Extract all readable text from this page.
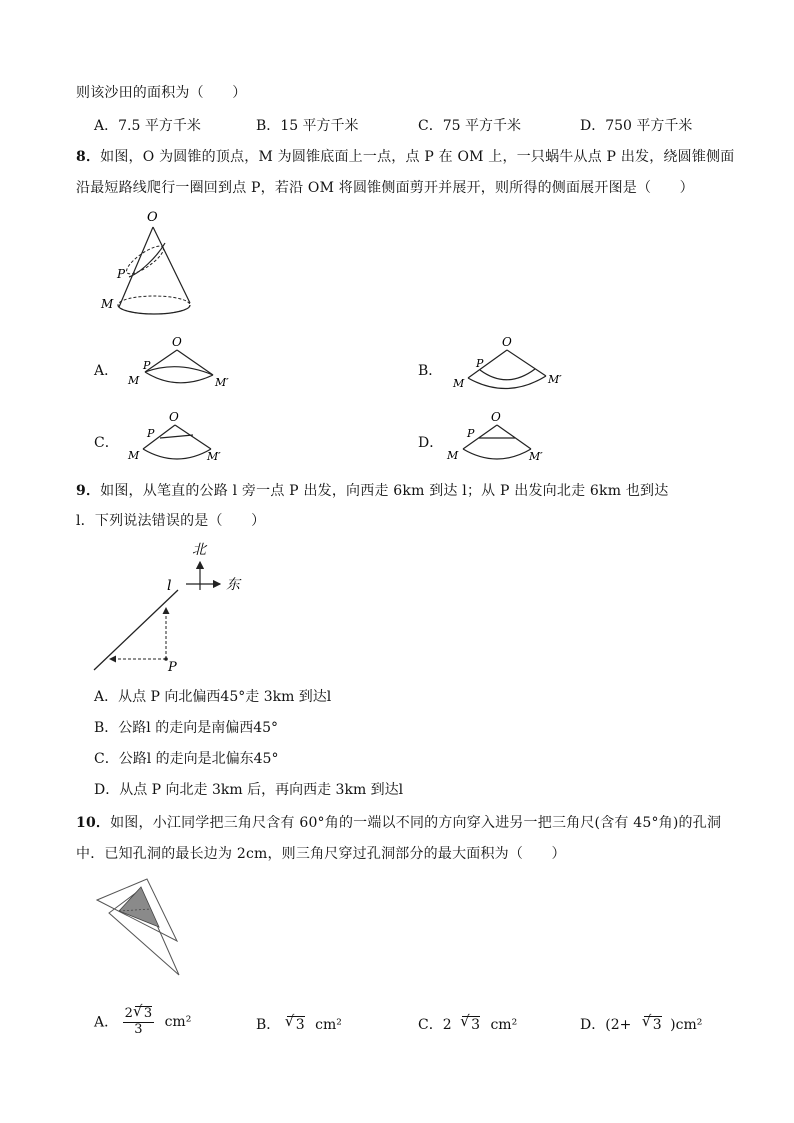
则该沙田的面积为（　　）
A．7.5 平方千米	B．15 平方千米	C．75 平方千米	D．750 平方千米
8．如图，O 为圆锥的顶点，M 为圆锥底面上一点，点 P 在 OM 上，一只蜗牛从点 P 出发，绕圆锥侧面
沿最短路线爬行一圈回到点 P，若沿 OM 将圆锥侧面剪开并展开，则所得的侧面展开图是（　　）
O
P
M
A．
O
P
M	M′
B．
O
P
M	M′
C．
O
P
M	M′
D．
O
P
M	M′
9．如图，从笔直的公路 l 旁一点 P 出发，向西走 6km 到达 l；从 P 出发向北走 6km 也到达
l．下列说法错误的是（　　）
北
东
l
P
A．从点 P 向北偏西45°走 3km 到达l
B．公路l 的走向是南偏西45°
C．公路l 的走向是北偏东45°
D．从点 P 向北走 3km 后，再向西走 3km 到达l
10．如图，小江同学把三角尺含有 60°角的一端以不同的方向穿入进另一把三角尺(含有 45°角)的孔洞
中．已知孔洞的最长边为 2cm，则三角尺穿过孔洞部分的最大面积为（　　）
A． $\frac{2 √ 3}{3} cm^2$	B． √ 3 cm²	C．2 √ 3 cm²	D．(2+ √ 3 )cm²
